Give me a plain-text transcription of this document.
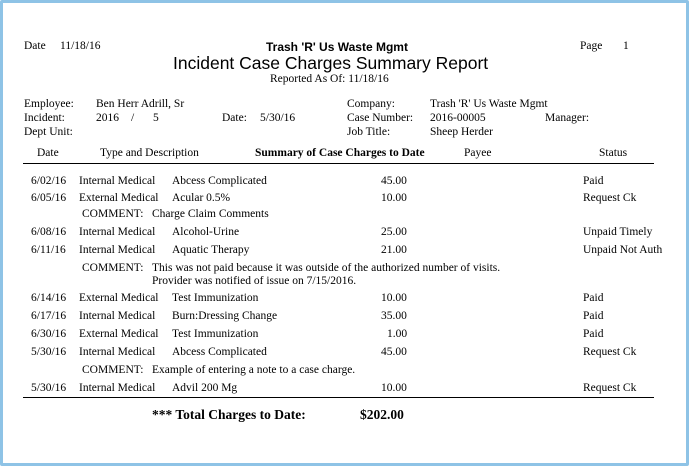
Date 11/18/16	Trash 'R' Us Waste Mgmt
Incident Case Charges Summary Report
Reported As Of: 11/18/16
Page 1
Employee: Ben Herr Adrill, Sr
Incident:	2016 / 5	Date: 5/30/16
Dept Unit:
Company:	Trash 'R' Us Waste Mgmt
Case Number: 2016-00005	Manager:
Job Title:	Sheep Herder
Date	Type and Description	Summary of Case Charges to Date	Payee	Status
6/02/16 Internal Medical Abcess Complicated	45.00	Paid
6/05/16 External Medical Acular 0.5%	10.00	Request Ck
COMMENT: Charge Claim Comments
6/08/16 Internal Medical Alcohol-Urine	25.00	Unpaid Timely
6/11/16 Internal Medical Aquatic Therapy	21.00	Unpaid Not Auth
COMMENT: This was not paid because it was outside of the authorized number of visits.
Provider was notified of issue on 7/15/2016.
6/14/16 External Medical Test Immunization	10.00	Paid
6/17/16 Internal Medical Burn:Dressing Change	35.00	Paid
6/30/16 External Medical Test Immunization	1.00	Paid
5/30/16 Internal Medical Abcess Complicated	45.00	Request Ck
COMMENT: Example of entering a note to a case charge.
5/30/16 Internal Medical Advil 200 Mg	10.00	Request Ck
*** Total Charges to Date:	$202.00
